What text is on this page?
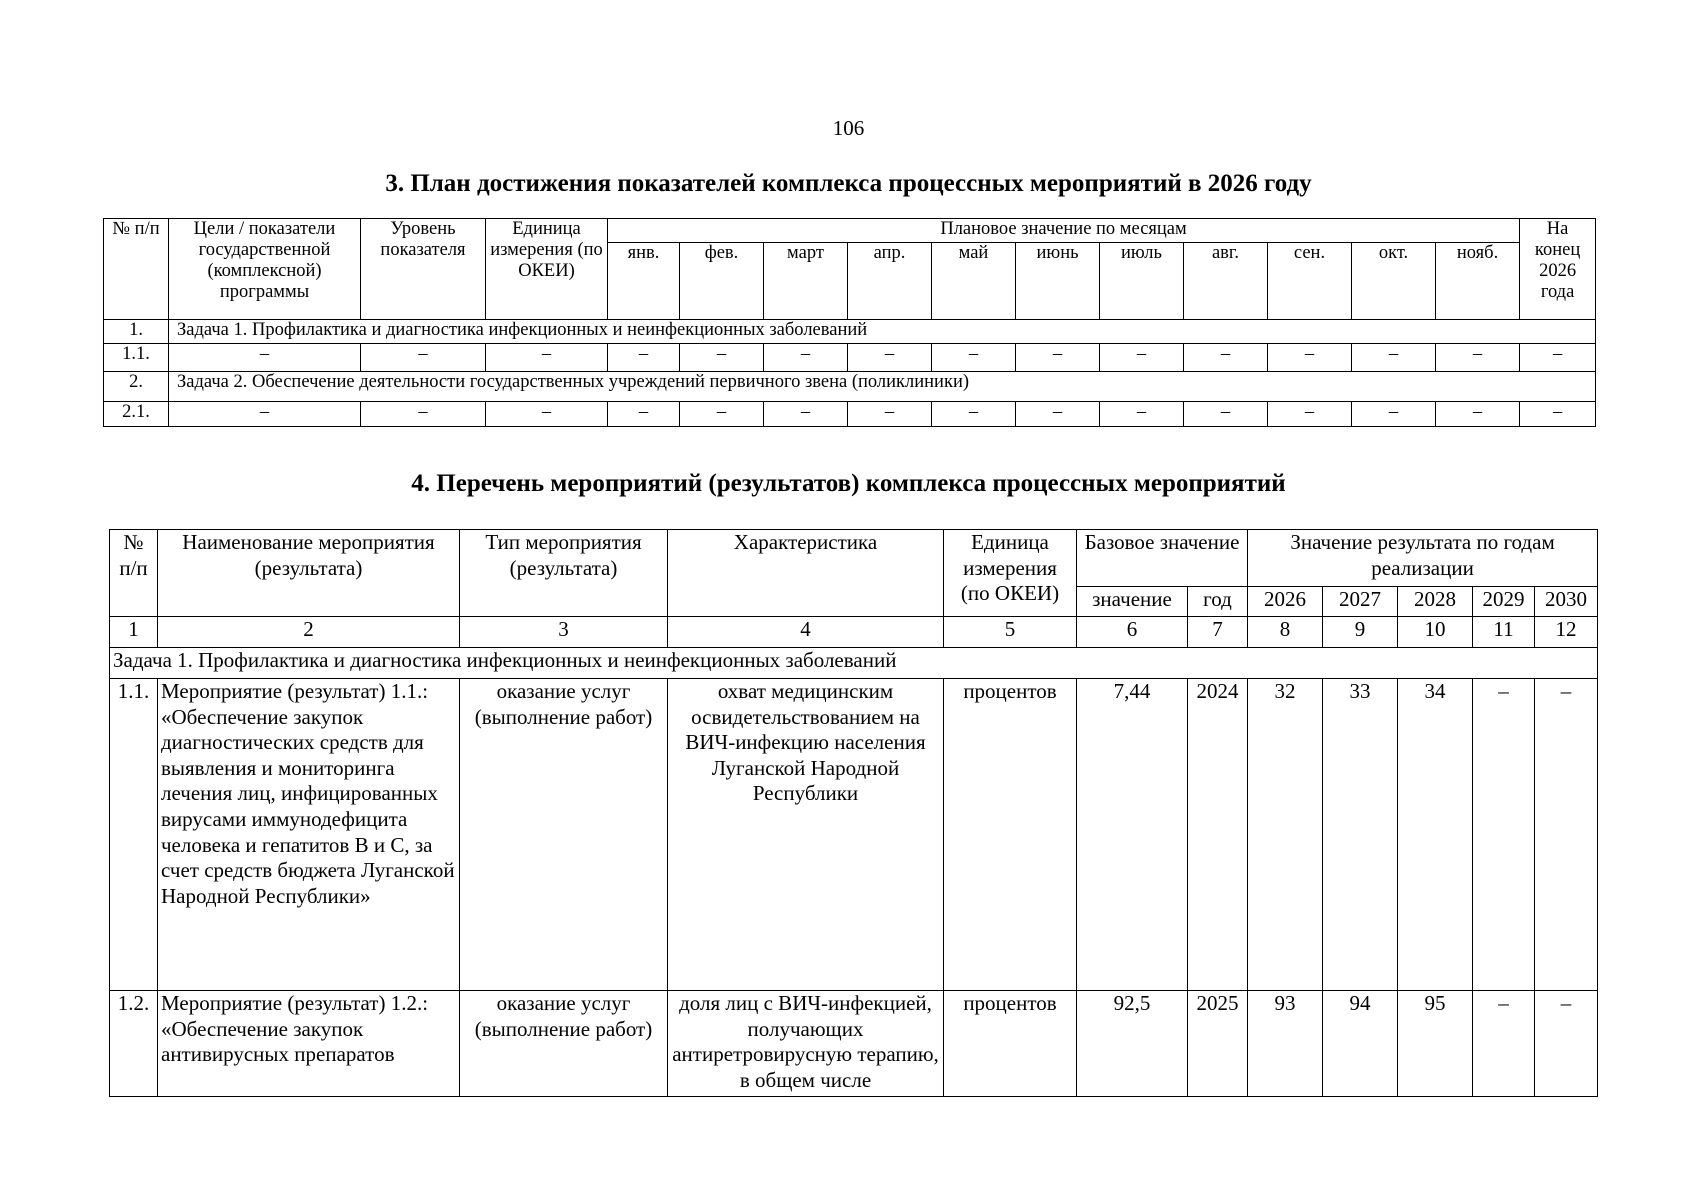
106
3. План достижения показателей комплекса процессных мероприятий в 2026 году
№ п/п	Цели / показатели государственной (комплексной) программы	Уровень показателя	Единица измерения (по ОКЕИ)	Плановое значение по месяцам											На конец 2026 года
				янв.	фев.	март	апр.	май	июнь	июль	авг.	сен.	окт.	нояб.	
1.	Задача 1. Профилактика и диагностика инфекционных и неинфекционных заболеваний														
1.1.	–	–	–	–	–	–	–	–	–	–	–	–	–	–	–
2.	Задача 2. Обеспечение деятельности государственных учреждений первичного звена (поликлиники)														
2.1.	–	–	–	–	–	–	–	–	–	–	–	–	–	–	–
4. Перечень мероприятий (результатов) комплекса процессных мероприятий
№ п/п	Наименование мероприятия (результата)	Тип мероприятия (результата)	Характеристика	Единица измерения (по ОКЕИ)	Базовое значение		Значение результата по годам реализации				
					значение	год	2026	2027	2028	2029	2030
1	2	3	4	5	6	7	8	9	10	11	12
Задача 1. Профилактика и диагностика инфекционных и неинфекционных заболеваний											
1.1.	Мероприятие (результат) 1.1.: «Обеспечение закупок диагностических средств для выявления и мониторинга лечения лиц, инфицированных вирусами иммунодефицита человека и гепатитов В и С, за счет средств бюджета Луганской Народной Республики»	оказание услуг (выполнение работ)	охват медицинским освидетельствованием на ВИЧ-инфекцию населения Луганской Народной Республики	процентов	7,44	2024	32	33	34	–	–
1.2.	Мероприятие (результат) 1.2.: «Обеспечение закупок антивирусных препаратов	оказание услуг (выполнение работ)	доля лиц с ВИЧ-инфекцией, получающих антиретровирусную терапию, в общем числе	процентов	92,5	2025	93	94	95	–	–
